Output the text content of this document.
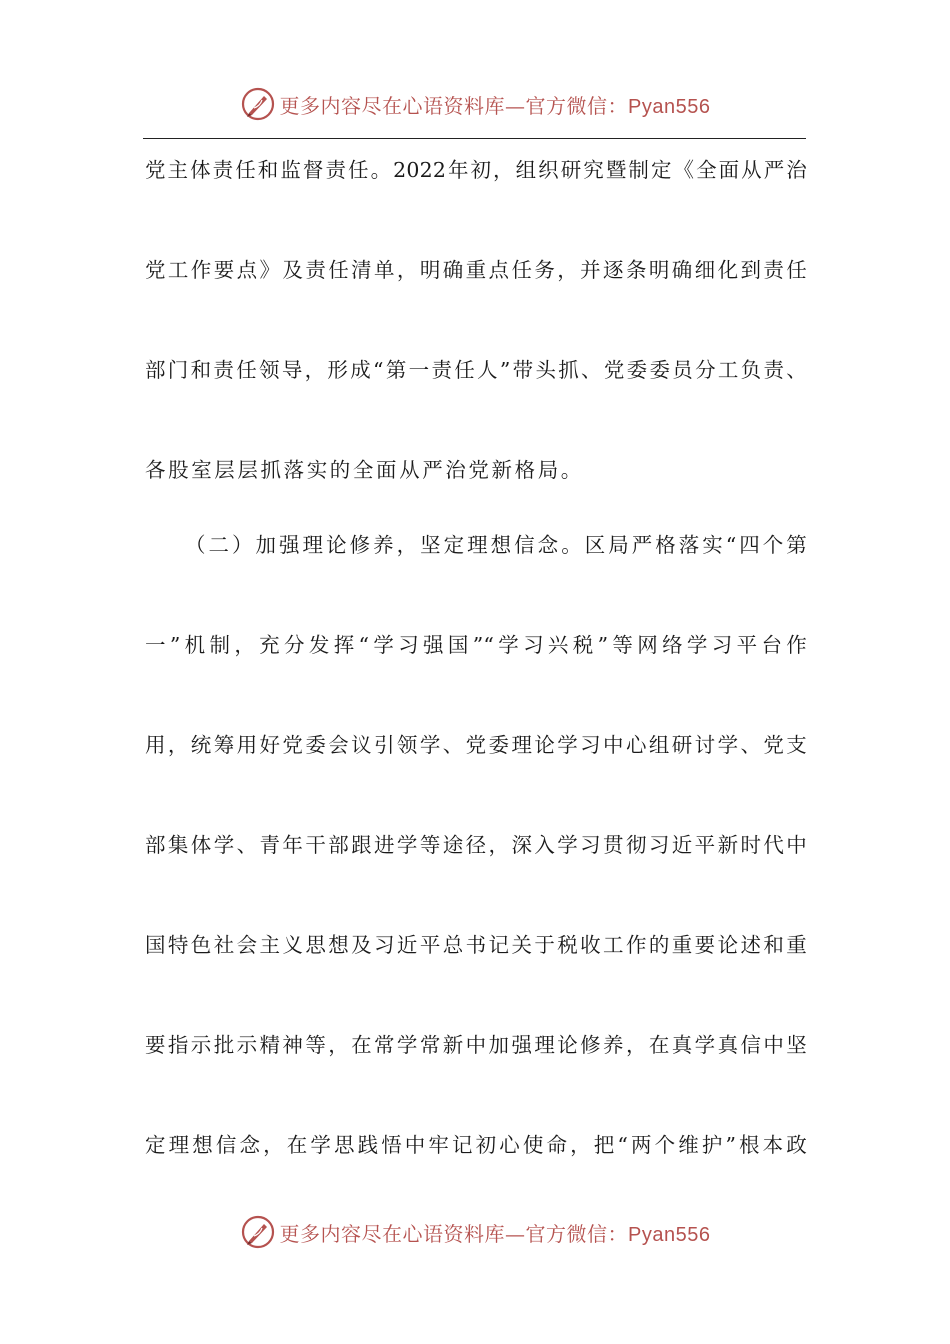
更多内容尽在心语资料库—官方微信：Pyan556
党主体责任和监督责任。2022年初，组织研究暨制定《全面从严治
党工作要点》及责任清单，明确重点任务，并逐条明确细化到责任
部门和责任领导，形成“第一责任人”带头抓、党委委员分工负责、
各股室层层抓落实的全面从严治党新格局。
（二）加强理论修养，坚定理想信念。区局严格落实“四个第
一”机制，充分发挥“学习强国”“学习兴税”等网络学习平台作
用，统筹用好党委会议引领学、党委理论学习中心组研讨学、党支
部集体学、青年干部跟进学等途径，深入学习贯彻习近平新时代中
国特色社会主义思想及习近平总书记关于税收工作的重要论述和重
要指示批示精神等，在常学常新中加强理论修养，在真学真信中坚
定理想信念，在学思践悟中牢记初心使命，把“两个维护”根本政
更多内容尽在心语资料库—官方微信：Pyan556
